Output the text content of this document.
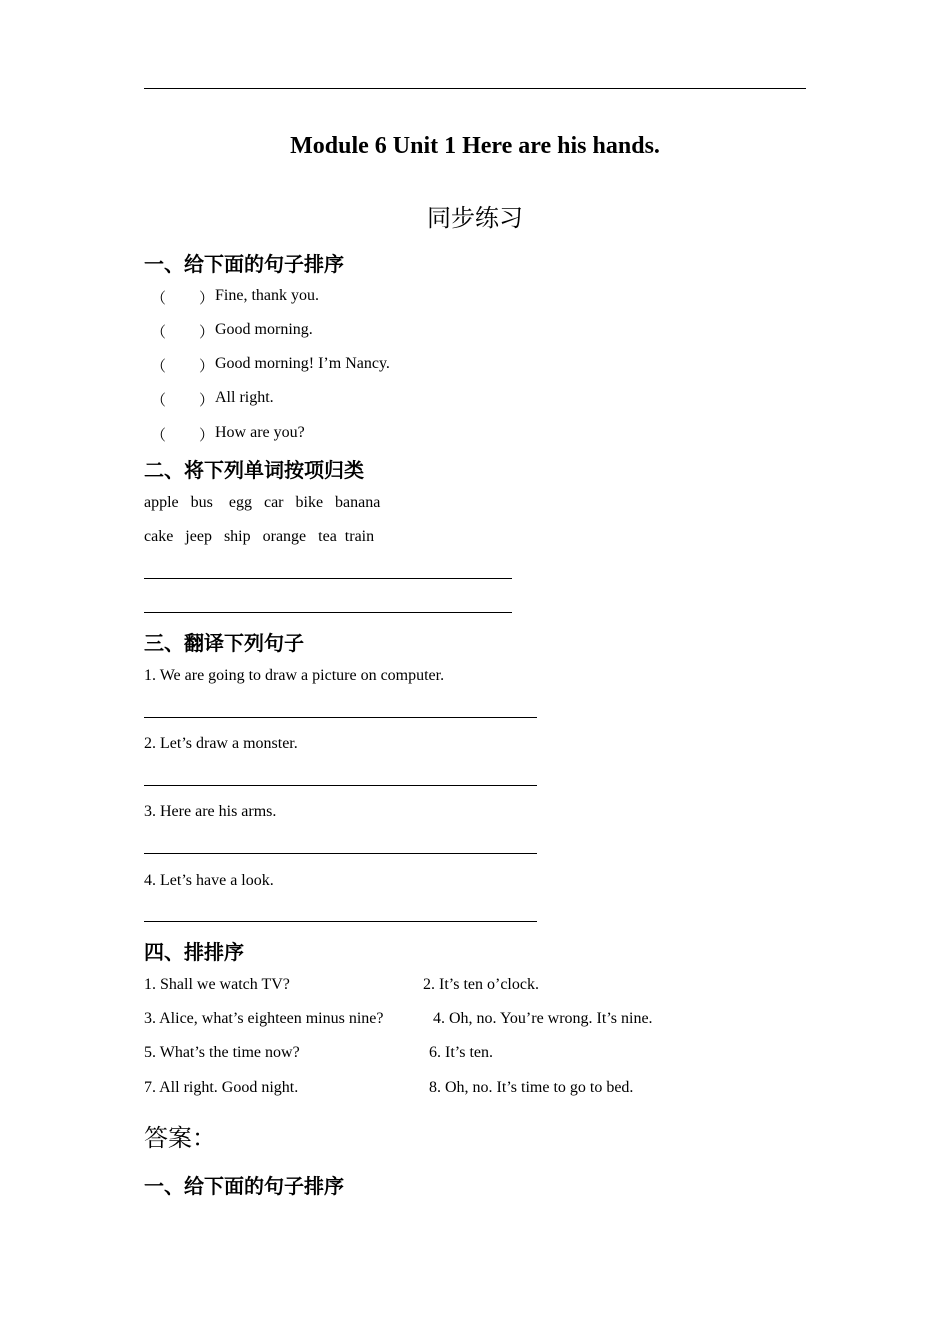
Module 6 Unit 1 Here are his hands.
同步练习
一、给下面的句子排序
（ ） Fine, thank you.
（ ） Good morning.
（ ） Good morning! I’m Nancy.
（ ） All right.
（ ） How are you?
二、将下列单词按项归类
apple   bus    egg   car   bike   banana
cake   jeep   ship   orange   tea  train
三、翻译下列句子
1. We are going to draw a picture on computer.
2. Let’s draw a monster.
3. Here are his arms.
4. Let’s have a look.
四、排排序
1. Shall we watch TV?	2. It’s ten o’clock.
3. Alice, what’s eighteen minus nine?	4. Oh, no. You’re wrong. It’s nine.
5. What’s the time now?	6. It’s ten.
7. All right. Good night.	8. Oh, no. It’s time to go to bed.
答案：
一、给下面的句子排序
